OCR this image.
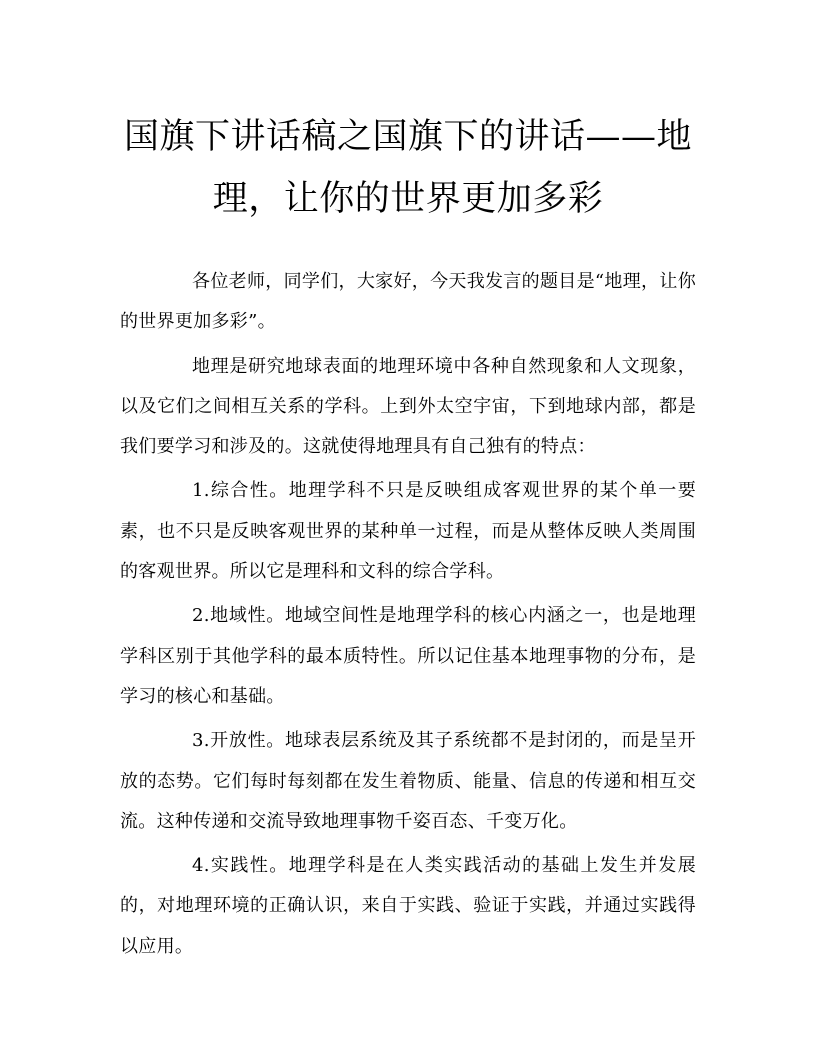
国旗下讲话稿之国旗下的讲话——地理，让你的世界更加多彩

各位老师，同学们，大家好，今天我发言的题目是“地理，让你的世界更加多彩”。

地理是研究地球表面的地理环境中各种自然现象和人文现象，以及它们之间相互关系的学科。上到外太空宇宙，下到地球内部，都是我们要学习和涉及的。这就使得地理具有自己独有的特点：

1.综合性。地理学科不只是反映组成客观世界的某个单一要素，也不只是反映客观世界的某种单一过程，而是从整体反映人类周围的客观世界。所以它是理科和文科的综合学科。

2.地域性。地域空间性是地理学科的核心内涵之一，也是地理学科区别于其他学科的最本质特性。所以记住基本地理事物的分布，是学习的核心和基础。

3.开放性。地球表层系统及其子系统都不是封闭的，而是呈开放的态势。它们每时每刻都在发生着物质、能量、信息的传递和相互交流。这种传递和交流导致地理事物千姿百态、千变万化。

4.实践性。地理学科是在人类实践活动的基础上发生并发展的，对地理环境的正确认识，来自于实践、验证于实践，并通过实践得以应用。
